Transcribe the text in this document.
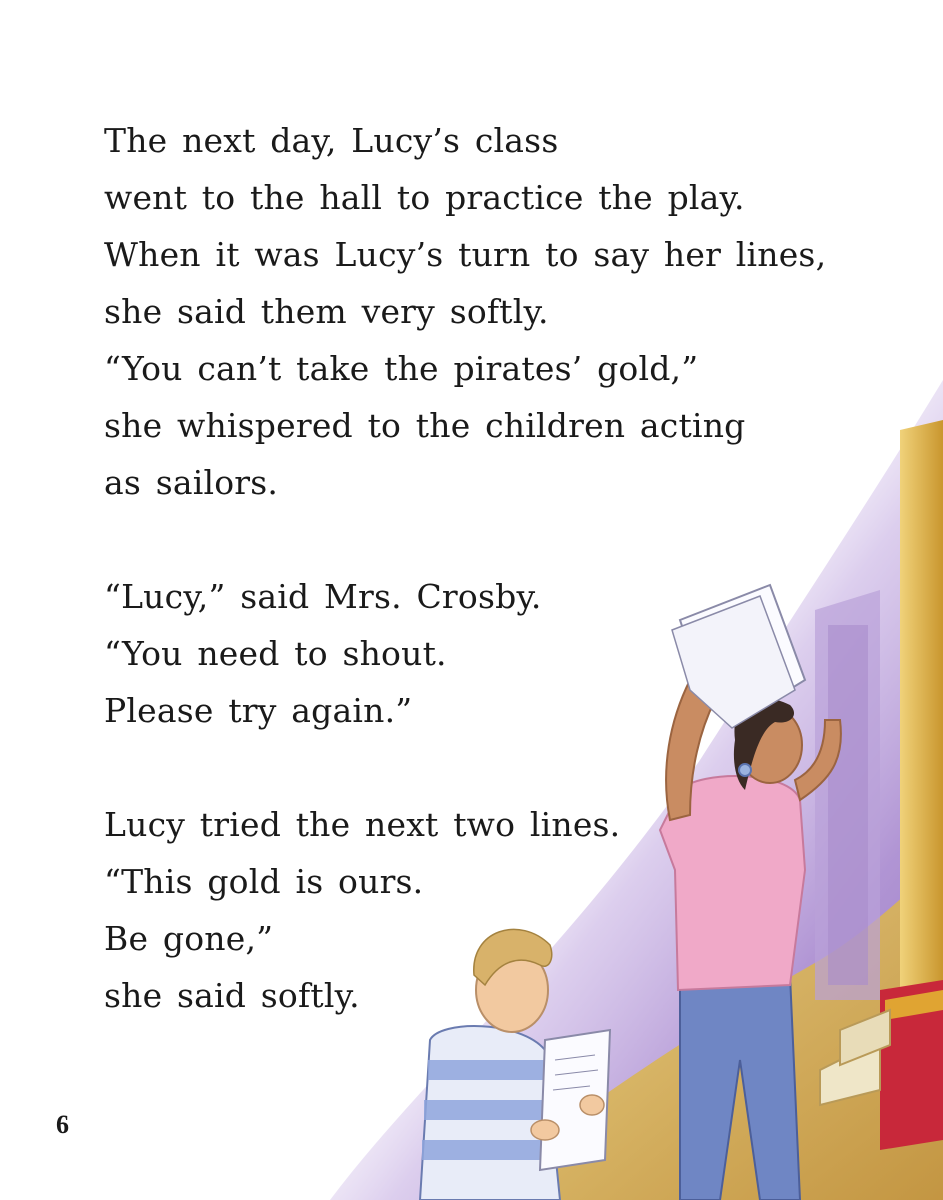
The next day, Lucy’s class
went to the hall to practice the play.
When it was Lucy’s turn to say her lines,
she said them very softly.
“You can’t take the pirates’ gold,”
she whispered to the children acting
as sailors.
“Lucy,” said Mrs. Crosby.
“You need to shout.
Please try again.”
Lucy tried the next two lines.
“This gold is ours.
Be gone,”
she said softly.
6
